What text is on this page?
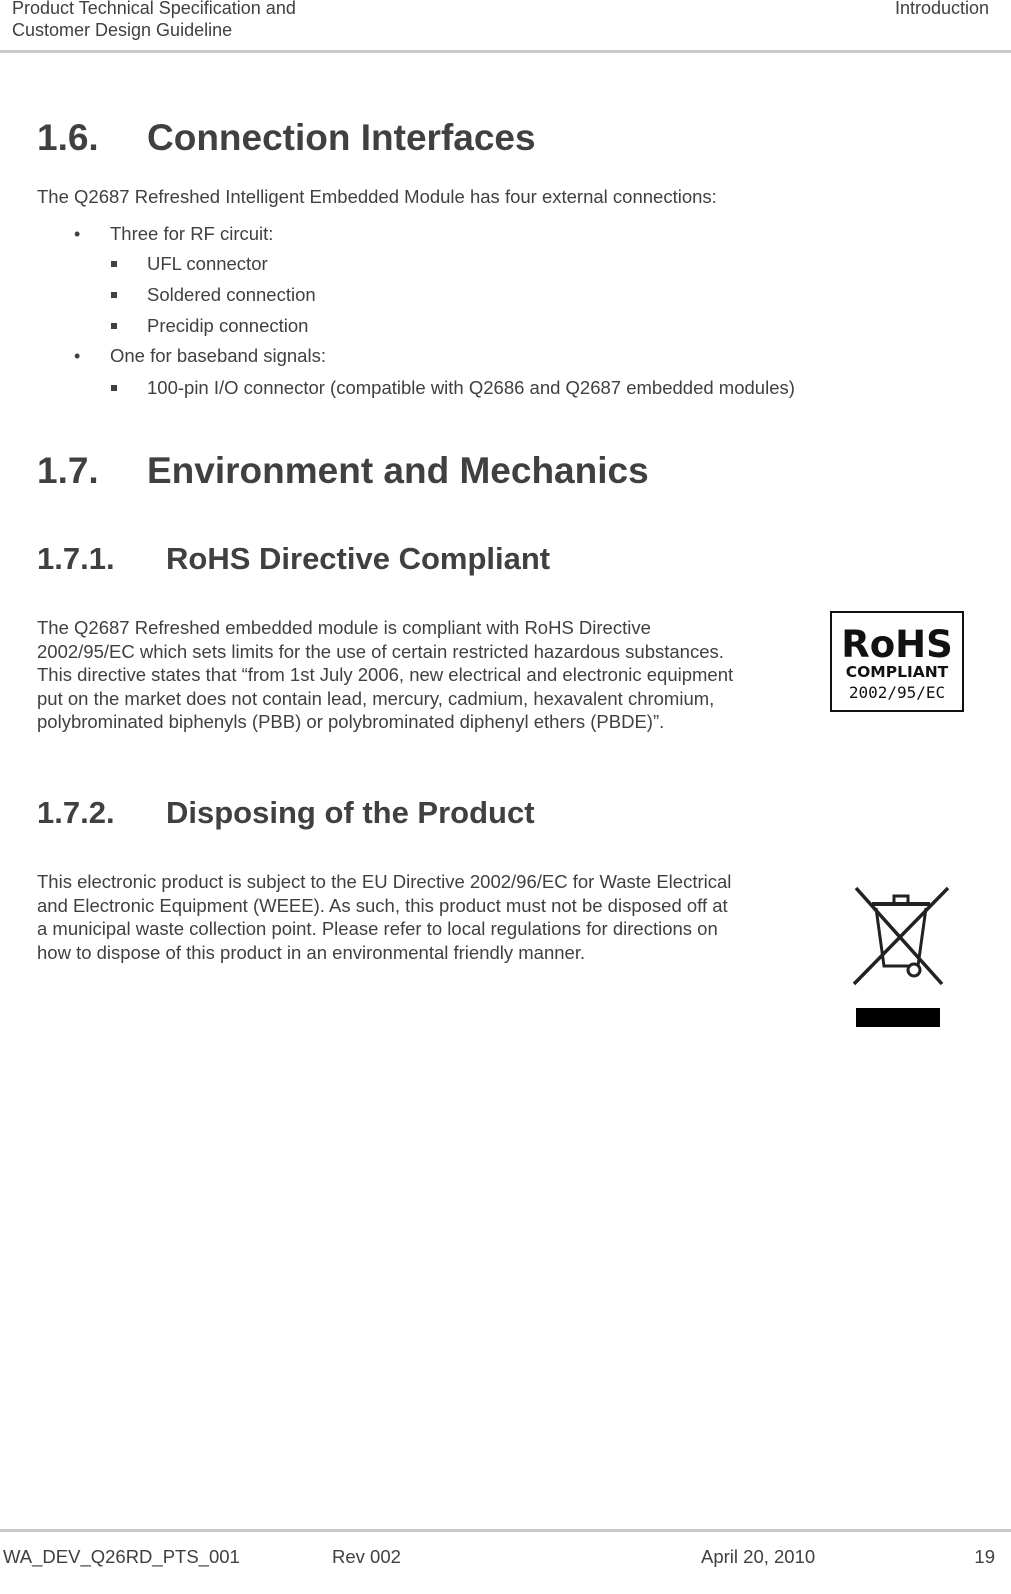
Product Technical Specification and
Customer Design Guideline
Introduction
1.6. Connection Interfaces
The Q2687 Refreshed Intelligent Embedded Module has four external connections:
• Three for RF circuit:
UFL connector
Soldered connection
Precidip connection
• One for baseband signals:
100-pin I/O connector (compatible with Q2686 and Q2687 embedded modules)
1.7. Environment and Mechanics
1.7.1. RoHS Directive Compliant
The Q2687 Refreshed embedded module is compliant with RoHS Directive
2002/95/EC which sets limits for the use of certain restricted hazardous substances.
This directive states that “from 1st July 2006, new electrical and electronic equipment
put on the market does not contain lead, mercury, cadmium, hexavalent chromium,
polybrominated biphenyls (PBB) or polybrominated diphenyl ethers (PBDE)”.
RoHS
COMPLIANT
2002/95/EC
1.7.2. Disposing of the Product
This electronic product is subject to the EU Directive 2002/96/EC for Waste Electrical
and Electronic Equipment (WEEE). As such, this product must not be disposed off at
a municipal waste collection point. Please refer to local regulations for directions on
how to dispose of this product in an environmental friendly manner.
WA_DEV_Q26RD_PTS_001	Rev 002	April 20, 2010	19
